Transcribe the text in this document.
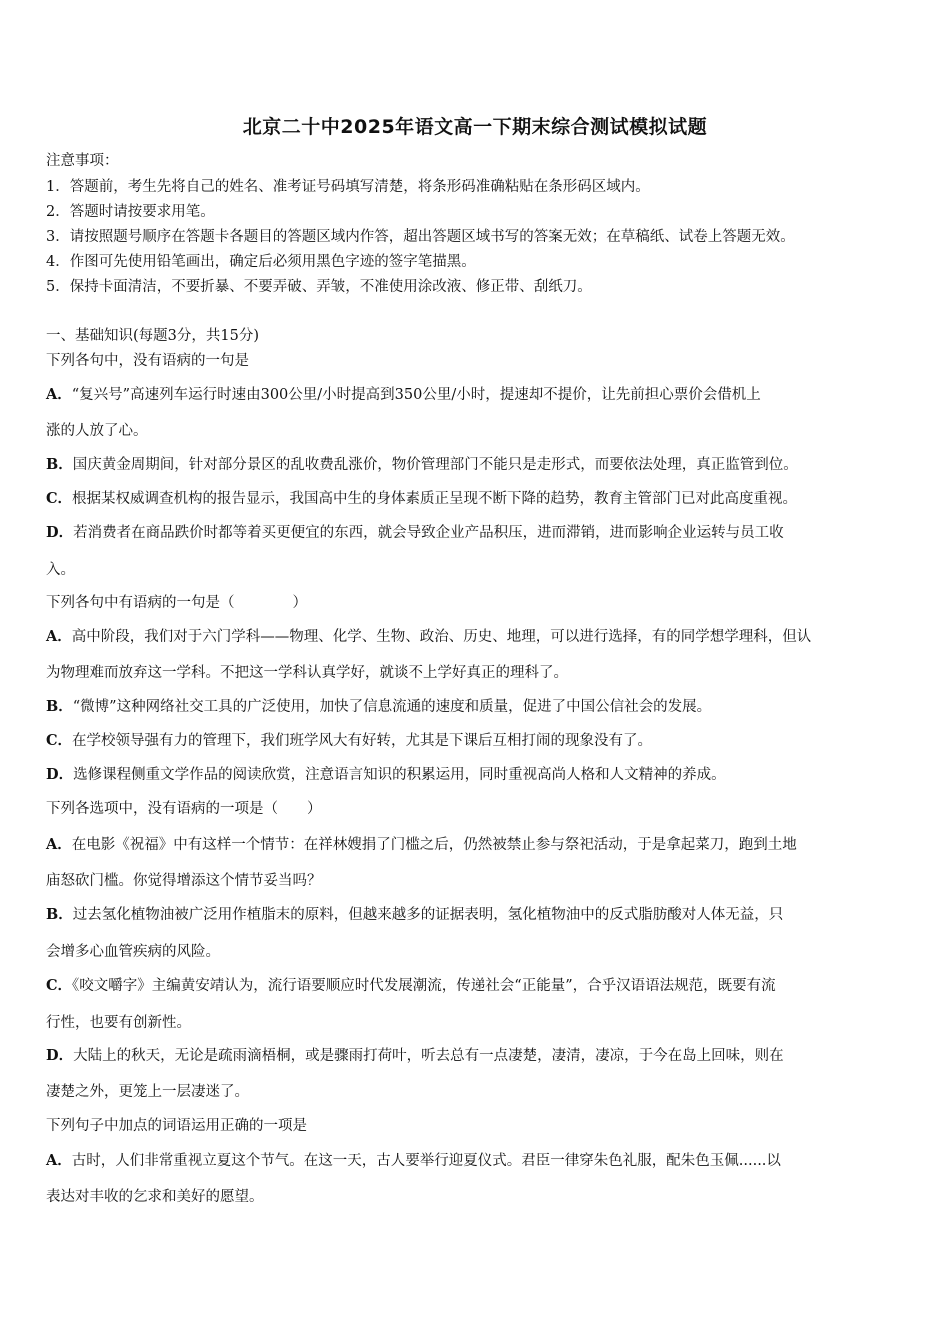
北京二十中2025年语文高一下期末综合测试模拟试题
注意事项：
1．答题前，考生先将自己的姓名、准考证号码填写清楚，将条形码准确粘贴在条形码区域内。
2．答题时请按要求用笔。
3．请按照题号顺序在答题卡各题目的答题区域内作答，超出答题区域书写的答案无效；在草稿纸、试卷上答题无效。
4．作图可先使用铅笔画出，确定后必须用黑色字迹的签字笔描黑。
5．保持卡面清洁，不要折暴、不要弄破、弄皱，不准使用涂改液、修正带、刮纸刀。
一、基础知识(每题3分，共15分)
下列各句中，没有语病的一句是
A．“复兴号”高速列车运行时速由300公里/小时提高到350公里/小时，提速却不提价，让先前担心票价会借机上
涨的人放了心。
B．国庆黄金周期间，针对部分景区的乱收费乱涨价，物价管理部门不能只是走形式，而要依法处理，真正监管到位。
C．根据某权威调查机构的报告显示，我国高中生的身体素质正呈现不断下降的趋势，教育主管部门已对此高度重视。
D．若消费者在商品跌价时都等着买更便宜的东西，就会导致企业产品积压，进而滞销，进而影响企业运转与员工收
入。
下列各句中有语病的一句是（　　　　）
A．高中阶段，我们对于六门学科——物理、化学、生物、政治、历史、地理，可以进行选择，有的同学想学理科，但认
为物理难而放弃这一学科。不把这一学科认真学好，就谈不上学好真正的理科了。
B．“微博”这种网络社交工具的广泛使用，加快了信息流通的速度和质量，促进了中国公信社会的发展。
C．在学校领导强有力的管理下，我们班学风大有好转，尤其是下课后互相打闹的现象没有了。
D．选修课程侧重文学作品的阅读欣赏，注意语言知识的积累运用，同时重视高尚人格和人文精神的养成。
下列各选项中，没有语病的一项是（　　）
A．在电影《祝福》中有这样一个情节：在祥林嫂捐了门槛之后，仍然被禁止参与祭祀活动，于是拿起菜刀，跑到土地
庙怒砍门槛。你觉得增添这个情节妥当吗？
B．过去氢化植物油被广泛用作植脂末的原料，但越来越多的证据表明，氢化植物油中的反式脂肪酸对人体无益，只
会增多心血管疾病的风险。
C．《咬文嚼字》主编黄安靖认为，流行语要顺应时代发展潮流，传递社会“正能量”，合乎汉语语法规范，既要有流
行性，也要有创新性。
D．大陆上的秋天，无论是疏雨滴梧桐，或是骤雨打荷叶，听去总有一点凄楚，凄清，凄凉，于今在岛上回味，则在
凄楚之外，更笼上一层凄迷了。
下列句子中加点的词语运用正确的一项是
A．古时，人们非常重视立夏这个节气。在这一天，古人要举行迎夏仪式。君臣一律穿朱色礼服，配朱色玉佩......以
表达对丰收的乞求和美好的愿望。
